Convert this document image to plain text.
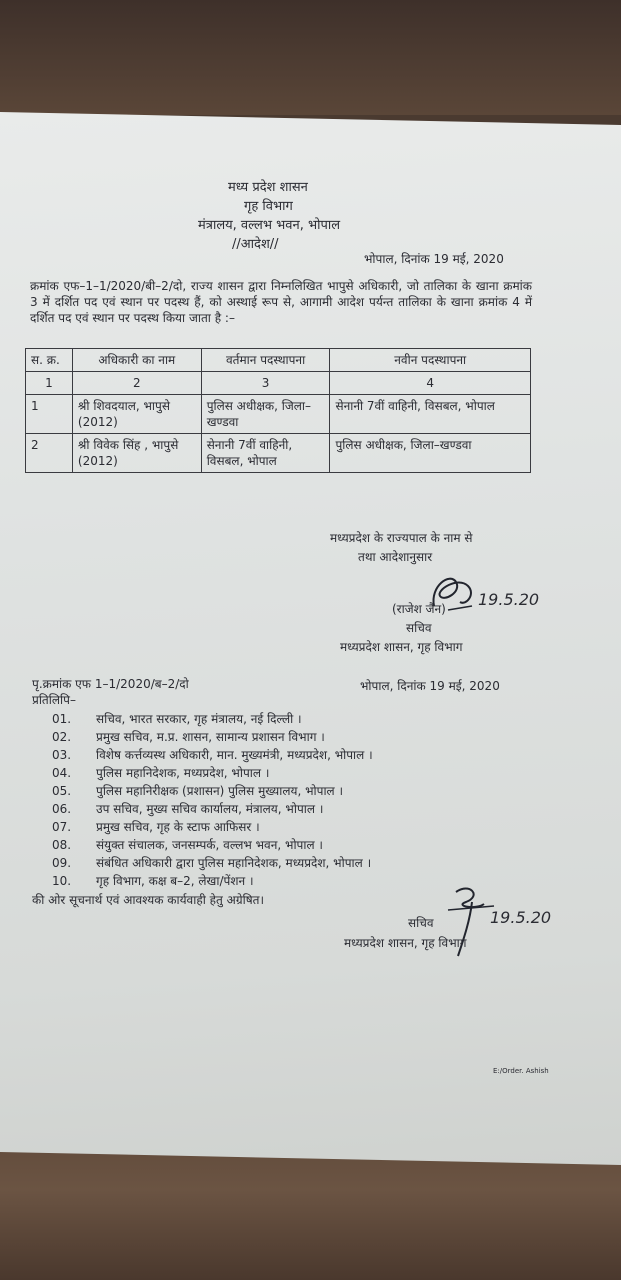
मध्य प्रदेश शासन
गृह विभाग
मंत्रालय, वल्लभ भवन, भोपाल
//आदेश//
भोपाल, दिनांक 19 मई, 2020
क्रमांक एफ–1–1/2020/बी–2/दो, राज्य शासन द्वारा निम्नलिखित भापुसे अधिकारी, जो तालिका के खाना क्रमांक 3 में दर्शित पद एवं स्थान पर पदस्थ हैं, को अस्थाई रूप से, आगामी आदेश पर्यन्त तालिका के खाना क्रमांक 4 में दर्शित पद एवं स्थान पर पदस्थ किया जाता है :–
स. क्र.	अधिकारी का नाम	वर्तमान पदस्थापना	नवीन पदस्थापना
1	2	3	4
1	श्री शिवदयाल, भापुसे (2012)	पुलिस अधीक्षक, जिला–खण्डवा	सेनानी 7वीं वाहिनी, विसबल, भोपाल
2	श्री विवेक सिंह , भापुसे (2012)	सेनानी 7वीं वाहिनी, विसबल, भोपाल	पुलिस अधीक्षक, जिला–खण्डवा
मध्यप्रदेश के राज्यपाल के नाम से
तथा आदेशानुसार
(राजेश जैन) 19.5.20
सचिव
मध्यप्रदेश शासन, गृह विभाग
पृ.क्रमांक एफ 1–1/2020/ब–2/दो	भोपाल, दिनांक 19 मई, 2020
प्रतिलिपि–
01. सचिव, भारत सरकार, गृह मंत्रालय, नई दिल्ली ।
02. प्रमुख सचिव, म.प्र. शासन, सामान्य प्रशासन विभाग ।
03. विशेष कर्त्तव्यस्थ अधिकारी, मान. मुख्यमंत्री, मध्यप्रदेश, भोपाल ।
04. पुलिस महानिदेशक, मध्यप्रदेश, भोपाल ।
05. पुलिस महानिरीक्षक (प्रशासन) पुलिस मुख्यालय, भोपाल ।
06. उप सचिव, मुख्य सचिव कार्यालय, मंत्रालय, भोपाल ।
07. प्रमुख सचिव, गृह के स्टाफ आफिसर ।
08. संयुक्त संचालक, जनसम्पर्क, वल्लभ भवन, भोपाल ।
09. संबंधित अधिकारी द्वारा पुलिस महानिदेशक, मध्यप्रदेश, भोपाल ।
10. गृह विभाग, कक्ष ब–2, लेखा/पेंशन ।
की ओर सूचनार्थ एवं आवश्यक कार्यवाही हेतु अग्रेषित।
सचिव	19.5.20
मध्यप्रदेश शासन, गृह विभाग
E:/Order. Ashish
